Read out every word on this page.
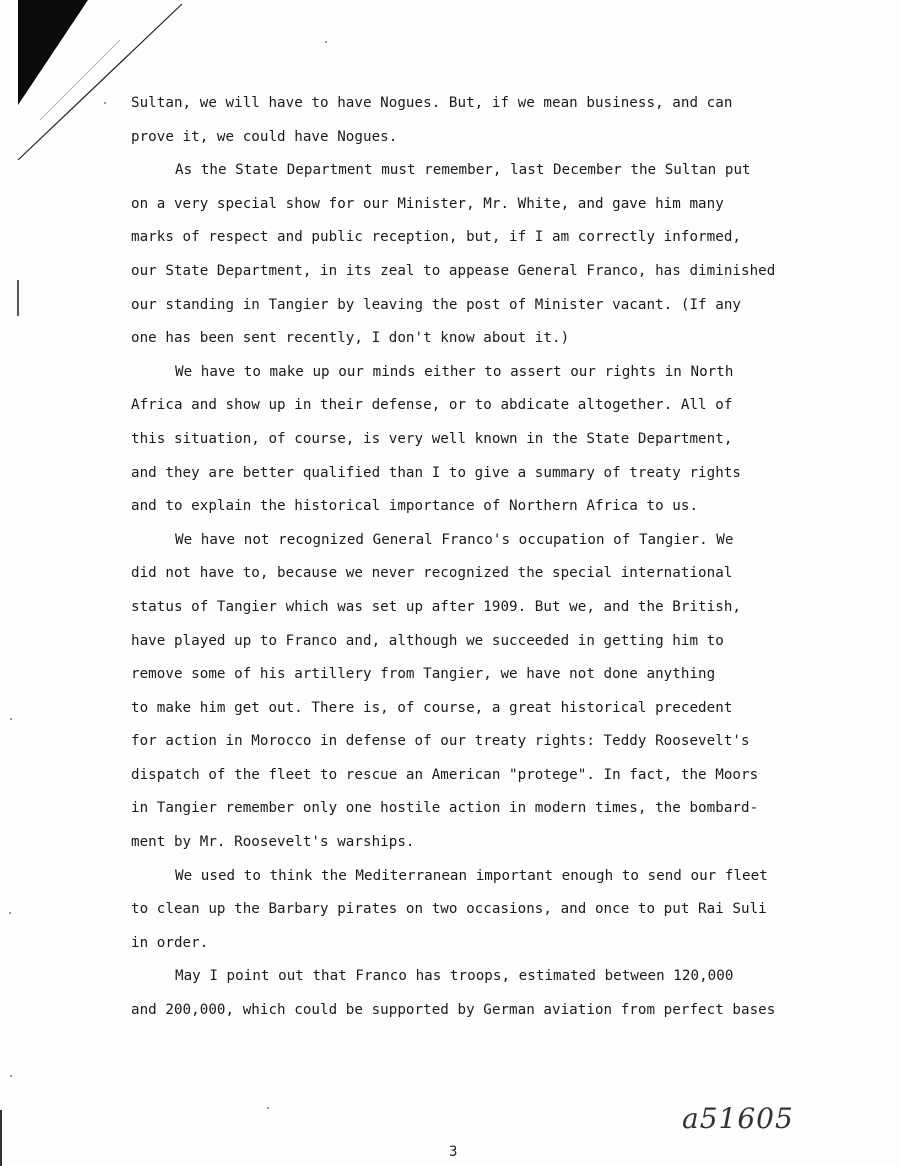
Sultan, we will have to have Nogues. But, if we mean business, and can
prove it, we could have Nogues.
As the State Department must remember, last December the Sultan put
on a very special show for our Minister, Mr. White, and gave him many
marks of respect and public reception, but, if I am correctly informed,
our State Department, in its zeal to appease General Franco, has diminished
our standing in Tangier by leaving the post of Minister vacant. (If any
one has been sent recently, I don't know about it.)
We have to make up our minds either to assert our rights in North
Africa and show up in their defense, or to abdicate altogether. All of
this situation, of course, is very well known in the State Department,
and they are better qualified than I to give a summary of treaty rights
and to explain the historical importance of Northern Africa to us.
We have not recognized General Franco's occupation of Tangier. We
did not have to, because we never recognized the special international
status of Tangier which was set up after 1909. But we, and the British,
have played up to Franco and, although we succeeded in getting him to
remove some of his artillery from Tangier, we have not done anything
to make him get out. There is, of course, a great historical precedent
for action in Morocco in defense of our treaty rights: Teddy Roosevelt's
dispatch of the fleet to rescue an American "protege". In fact, the Moors
in Tangier remember only one hostile action in modern times, the bombard-
ment by Mr. Roosevelt's warships.
We used to think the Mediterranean important enough to send our fleet
to clean up the Barbary pirates on two occasions, and once to put Rai Suli
in order.
May I point out that Franco has troops, estimated between 120,000
and 200,000, which could be supported by German aviation from perfect bases
a51605
3
